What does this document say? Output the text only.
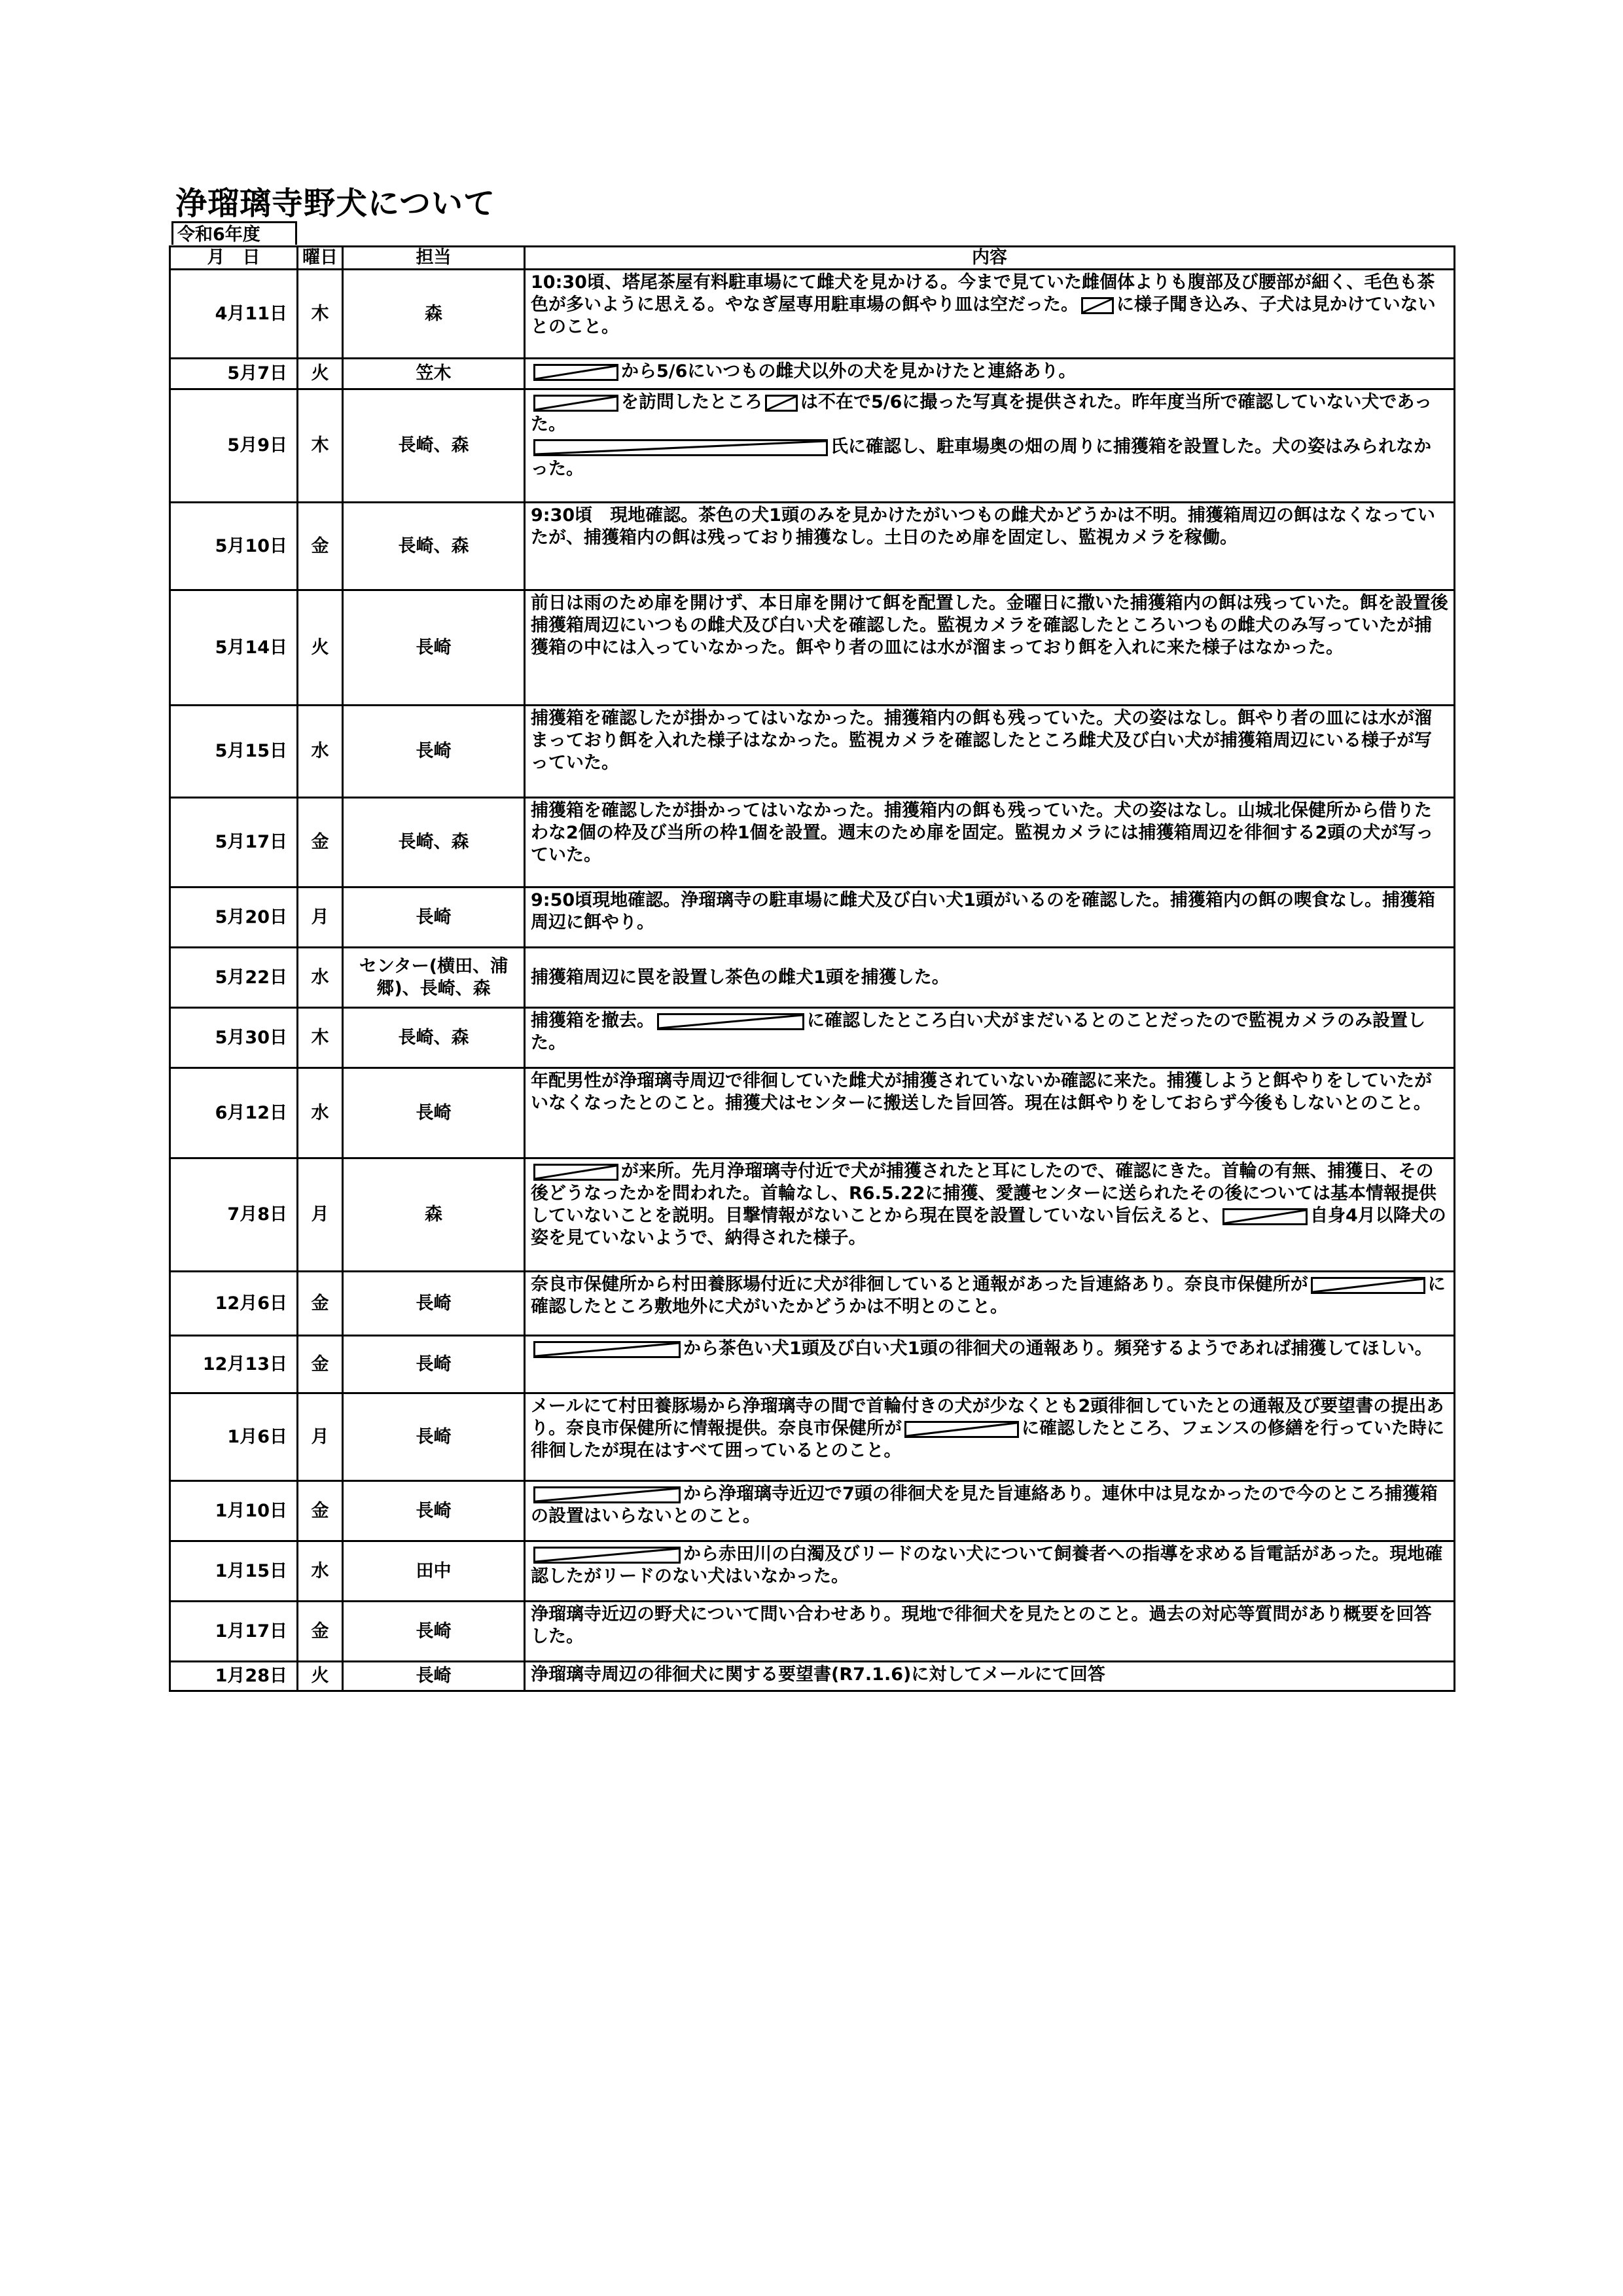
浄瑠璃寺野犬について
令和6年度
月　日	曜日	担当	内容
4月11日	木	森	10:30頃、塔尾茶屋有料駐車場にて雌犬を見かける。今まで見ていた雌個体よりも腹部及び腰部が細く、毛色も茶色が多いように思える。やなぎ屋専用駐車場の餌やり皿は空だった。 に様子聞き込み、子犬は見かけていないとのこと。
5月7日	火	笠木	から5/6にいつもの雌犬以外の犬を見かけたと連絡あり。
5月9日	木	長崎、森	を訪問したところ は不在で5/6に撮った写真を提供された。昨年度当所で確認していない犬であった。

氏に確認し、駐車場奥の畑の周りに捕獲箱を設置した。犬の姿はみられなかった。
5月10日	金	長崎、森	9:30頃　現地確認。茶色の犬1頭のみを見かけたがいつもの雌犬かどうかは不明。捕獲箱周辺の餌はなくなっていたが、捕獲箱内の餌は残っており捕獲なし。土日のため扉を固定し、監視カメラを稼働。
5月14日	火	長崎	前日は雨のため扉を開けず、本日扉を開けて餌を配置した。金曜日に撒いた捕獲箱内の餌は残っていた。餌を設置後捕獲箱周辺にいつもの雌犬及び白い犬を確認した。監視カメラを確認したところいつもの雌犬のみ写っていたが捕獲箱の中には入っていなかった。餌やり者の皿には水が溜まっており餌を入れに来た様子はなかった。
5月15日	水	長崎	捕獲箱を確認したが掛かってはいなかった。捕獲箱内の餌も残っていた。犬の姿はなし。餌やり者の皿には水が溜まっており餌を入れた様子はなかった。監視カメラを確認したところ雌犬及び白い犬が捕獲箱周辺にいる様子が写っていた。
5月17日	金	長崎、森	捕獲箱を確認したが掛かってはいなかった。捕獲箱内の餌も残っていた。犬の姿はなし。山城北保健所から借りたわな2個の枠及び当所の枠1個を設置。週末のため扉を固定。監視カメラには捕獲箱周辺を徘徊する2頭の犬が写っていた。
5月20日	月	長崎	9:50頃現地確認。浄瑠璃寺の駐車場に雌犬及び白い犬1頭がいるのを確認した。捕獲箱内の餌の喫食なし。捕獲箱周辺に餌やり。
5月22日	水	センター(横田、浦郷)、長崎、森	捕獲箱周辺に罠を設置し茶色の雌犬1頭を捕獲した。
5月30日	木	長崎、森	捕獲箱を撤去。 に確認したところ白い犬がまだいるとのことだったので監視カメラのみ設置した。
6月12日	水	長崎	年配男性が浄瑠璃寺周辺で徘徊していた雌犬が捕獲されていないか確認に来た。捕獲しようと餌やりをしていたがいなくなったとのこと。捕獲犬はセンターに搬送した旨回答。現在は餌やりをしておらず今後もしないとのこと。
7月8日	月	森	が来所。先月浄瑠璃寺付近で犬が捕獲されたと耳にしたので、確認にきた。首輪の有無、捕獲日、その後どうなったかを問われた。首輪なし、R6.5.22に捕獲、愛護センターに送られたその後については基本情報提供していないことを説明。目撃情報がないことから現在罠を設置していない旨伝えると、 自身4月以降犬の姿を見ていないようで、納得された様子。
12月6日	金	長崎	奈良市保健所から村田養豚場付近に犬が徘徊していると通報があった旨連絡あり。奈良市保健所が に確認したところ敷地外に犬がいたかどうかは不明とのこと。
12月13日	金	長崎	から茶色い犬1頭及び白い犬1頭の徘徊犬の通報あり。頻発するようであれば捕獲してほしい。
1月6日	月	長崎	メールにて村田養豚場から浄瑠璃寺の間で首輪付きの犬が少なくとも2頭徘徊していたとの通報及び要望書の提出あり。奈良市保健所に情報提供。奈良市保健所が に確認したところ、フェンスの修繕を行っていた時に徘徊したが現在はすべて囲っているとのこと。
1月10日	金	長崎	から浄瑠璃寺近辺で7頭の徘徊犬を見た旨連絡あり。連休中は見なかったので今のところ捕獲箱の設置はいらないとのこと。
1月15日	水	田中	から赤田川の白濁及びリードのない犬について飼養者への指導を求める旨電話があった。現地確認したがリードのない犬はいなかった。
1月17日	金	長崎	浄瑠璃寺近辺の野犬について問い合わせあり。現地で徘徊犬を見たとのこと。過去の対応等質問があり概要を回答した。
1月28日	火	長崎	浄瑠璃寺周辺の徘徊犬に関する要望書(R7.1.6)に対してメールにて回答
